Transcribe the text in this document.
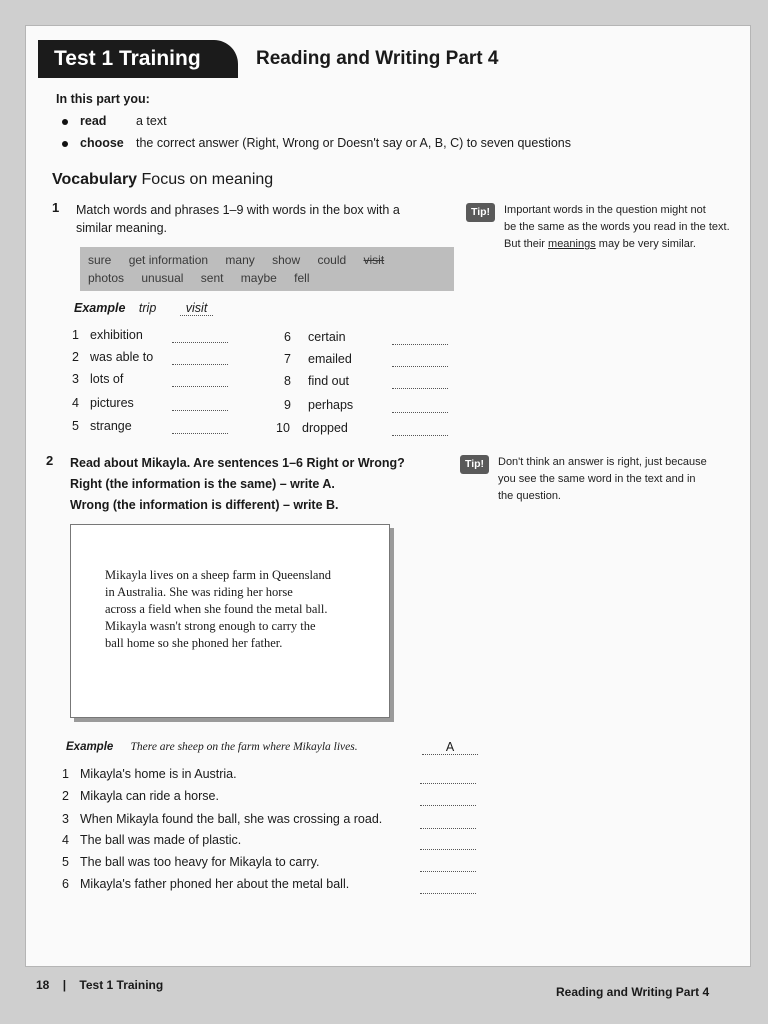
Test 1 Training	Reading and Writing Part 4
In this part you:
read a text
choose the correct answer (Right, Wrong or Doesn't say or A, B, C) to seven questions
Vocabulary Focus on meaning
1 Match words and phrases 1–9 with words in the box with a
similar meaning.
Tip!	Important words in the question might not
be the same as the words you read in the text.
But their meanings may be very similar.
sure get information many show could visit
photos unusual sent maybe fell
Example trip visit
1 exhibition
2 was able to
3 lots of
4 pictures
5 strange
6 certain
7 emailed
8 find out
9 perhaps
10 dropped
2 Read about Mikayla. Are sentences 1–6 Right or Wrong?
Right (the information is the same) – write A.
Wrong (the information is different) – write B.
Tip!	Don't think an answer is right, just because
you see the same word in the text and in
the question.
Mikayla lives on a sheep farm in Queensland
in Australia. She was riding her horse
across a field when she found the metal ball.
Mikayla wasn't strong enough to carry the
ball home so she phoned her father.
Example There are sheep on the farm where Mikayla lives.	A
1 Mikayla's home is in Austria.
2 Mikayla can ride a horse.
3 When Mikayla found the ball, she was crossing a road.
4 The ball was made of plastic.
5 The ball was too heavy for Mikayla to carry.
6 Mikayla's father phoned her about the metal ball.
18 | Test 1 Training	Reading and Writing Part 4
